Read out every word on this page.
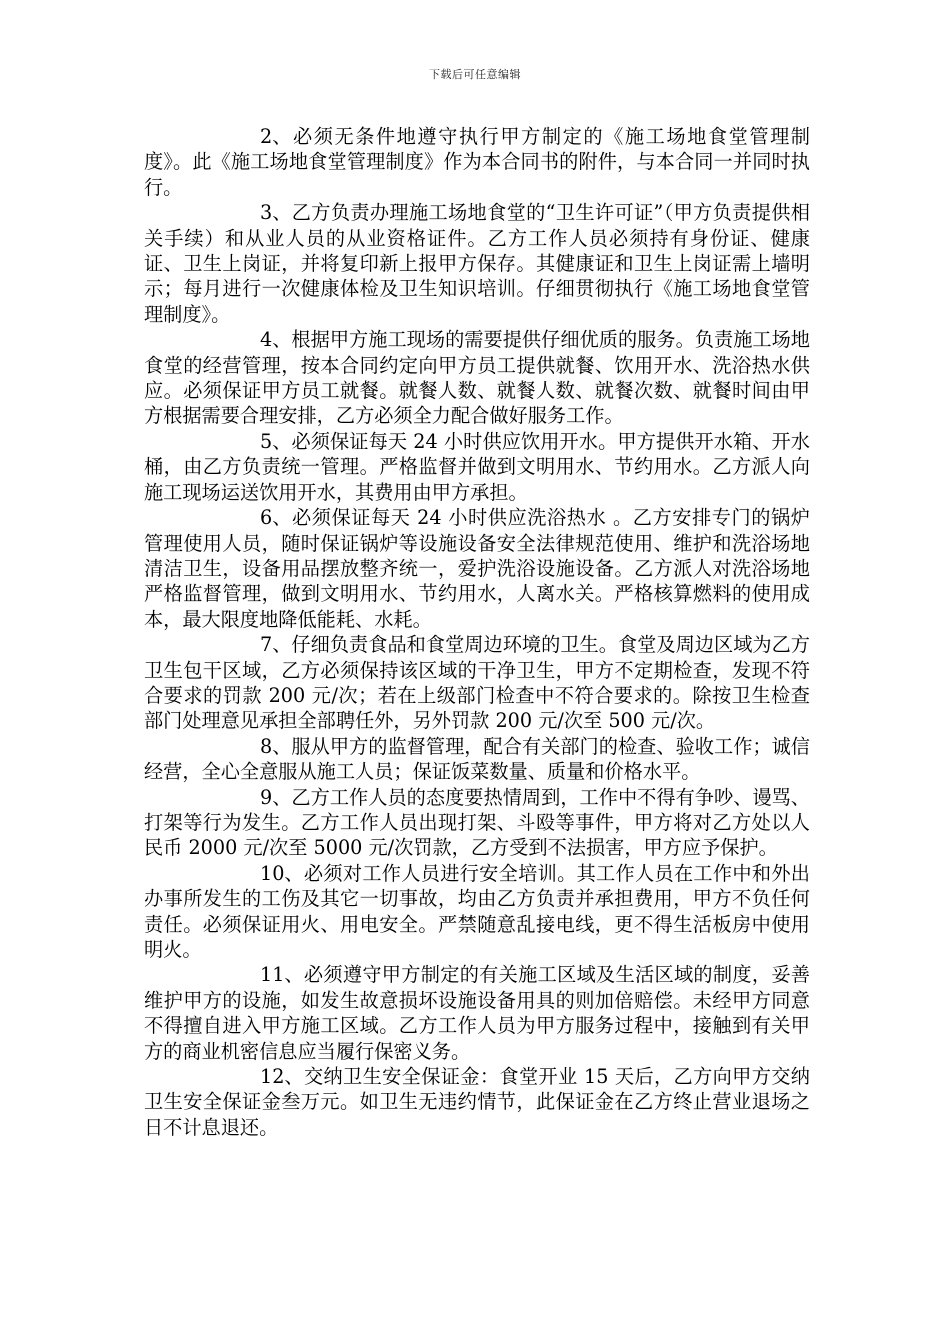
下载后可任意编辑

2、必须无条件地遵守执行甲方制定的《施工场地食堂管理制度》。此《施工场地食堂管理制度》作为本合同书的附件，与本合同一并同时执行。

3、乙方负责办理施工场地食堂的“卫生许可证”（甲方负责提供相关手续）和从业人员的从业资格证件。乙方工作人员必须持有身份证、健康证、卫生上岗证，并将复印新上报甲方保存。其健康证和卫生上岗证需上墙明示；每月进行一次健康体检及卫生知识培训。仔细贯彻执行《施工场地食堂管理制度》。

4、根据甲方施工现场的需要提供仔细优质的服务。负责施工场地食堂的经营管理，按本合同约定向甲方员工提供就餐、饮用开水、洗浴热水供应。必须保证甲方员工就餐。就餐人数、就餐人数、就餐次数、就餐时间由甲方根据需要合理安排，乙方必须全力配合做好服务工作。

5、必须保证每天 24 小时供应饮用开水。甲方提供开水箱、开水桶，由乙方负责统一管理。严格监督并做到文明用水、节约用水。乙方派人向施工现场运送饮用开水，其费用由甲方承担。

6、必须保证每天 24 小时供应洗浴热水 。乙方安排专门的锅炉管理使用人员，随时保证锅炉等设施设备安全法律规范使用、维护和洗浴场地清洁卫生，设备用品摆放整齐统一，爱护洗浴设施设备。乙方派人对洗浴场地严格监督管理，做到文明用水、节约用水，人离水关。严格核算燃料的使用成本，最大限度地降低能耗、水耗。

7、仔细负责食品和食堂周边环境的卫生。食堂及周边区域为乙方卫生包干区域，乙方必须保持该区域的干净卫生，甲方不定期检查，发现不符合要求的罚款 200 元/次；若在上级部门检查中不符合要求的。除按卫生检查部门处理意见承担全部聘任外，另外罚款 200 元/次至 500 元/次。

8、服从甲方的监督管理，配合有关部门的检查、验收工作；诚信经营，全心全意服从施工人员；保证饭菜数量、质量和价格水平。

9、乙方工作人员的态度要热情周到，工作中不得有争吵、谩骂、打架等行为发生。乙方工作人员出现打架、斗殴等事件，甲方将对乙方处以人民币 2000 元/次至 5000 元/次罚款，乙方受到不法损害，甲方应予保护。

10、必须对工作人员进行安全培训。其工作人员在工作中和外出办事所发生的工伤及其它一切事故，均由乙方负责并承担费用，甲方不负任何责任。必须保证用火、用电安全。严禁随意乱接电线，更不得生活板房中使用明火。

11、必须遵守甲方制定的有关施工区域及生活区域的制度，妥善维护甲方的设施，如发生故意损坏设施设备用具的则加倍赔偿。未经甲方同意不得擅自进入甲方施工区域。乙方工作人员为甲方服务过程中，接触到有关甲方的商业机密信息应当履行保密义务。

12、交纳卫生安全保证金：食堂开业 15 天后，乙方向甲方交纳卫生安全保证金叁万元。如卫生无违约情节，此保证金在乙方终止营业退场之日不计息退还。
